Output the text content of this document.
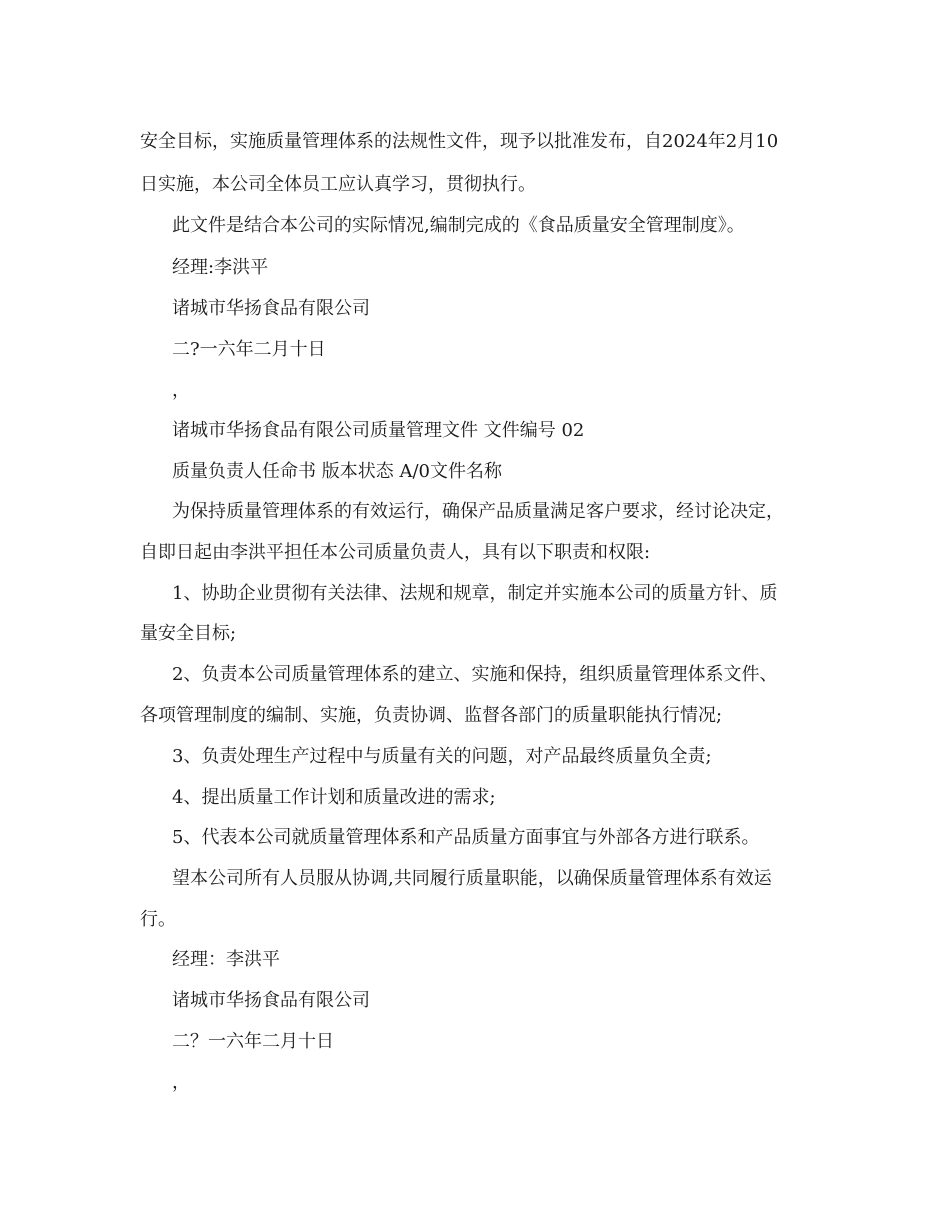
安全目标，实施质量管理体系的法规性文件，现予以批准发布，自2024年2月10

日实施，本公司全体员工应认真学习，贯彻执行。

此文件是结合本公司的实际情况,编制完成的《食品质量安全管理制度》。

经理:李洪平

诸城市华扬食品有限公司

二?一六年二月十日

，

诸城市华扬食品有限公司质量管理文件 文件编号 02

质量负责人任命书 版本状态 A/0文件名称

为保持质量管理体系的有效运行，确保产品质量满足客户要求，经讨论决定，

自即日起由李洪平担任本公司质量负责人，具有以下职责和权限:

1、协助企业贯彻有关法律、法规和规章，制定并实施本公司的质量方针、质

量安全目标;

2、负责本公司质量管理体系的建立、实施和保持，组织质量管理体系文件、

各项管理制度的编制、实施，负责协调、监督各部门的质量职能执行情况;

3、负责处理生产过程中与质量有关的问题，对产品最终质量负全责;

4、提出质量工作计划和质量改进的需求;

5、代表本公司就质量管理体系和产品质量方面事宜与外部各方进行联系。

望本公司所有人员服从协调,共同履行质量职能，以确保质量管理体系有效运

行。

经理：李洪平

诸城市华扬食品有限公司

二？一六年二月十日

，
